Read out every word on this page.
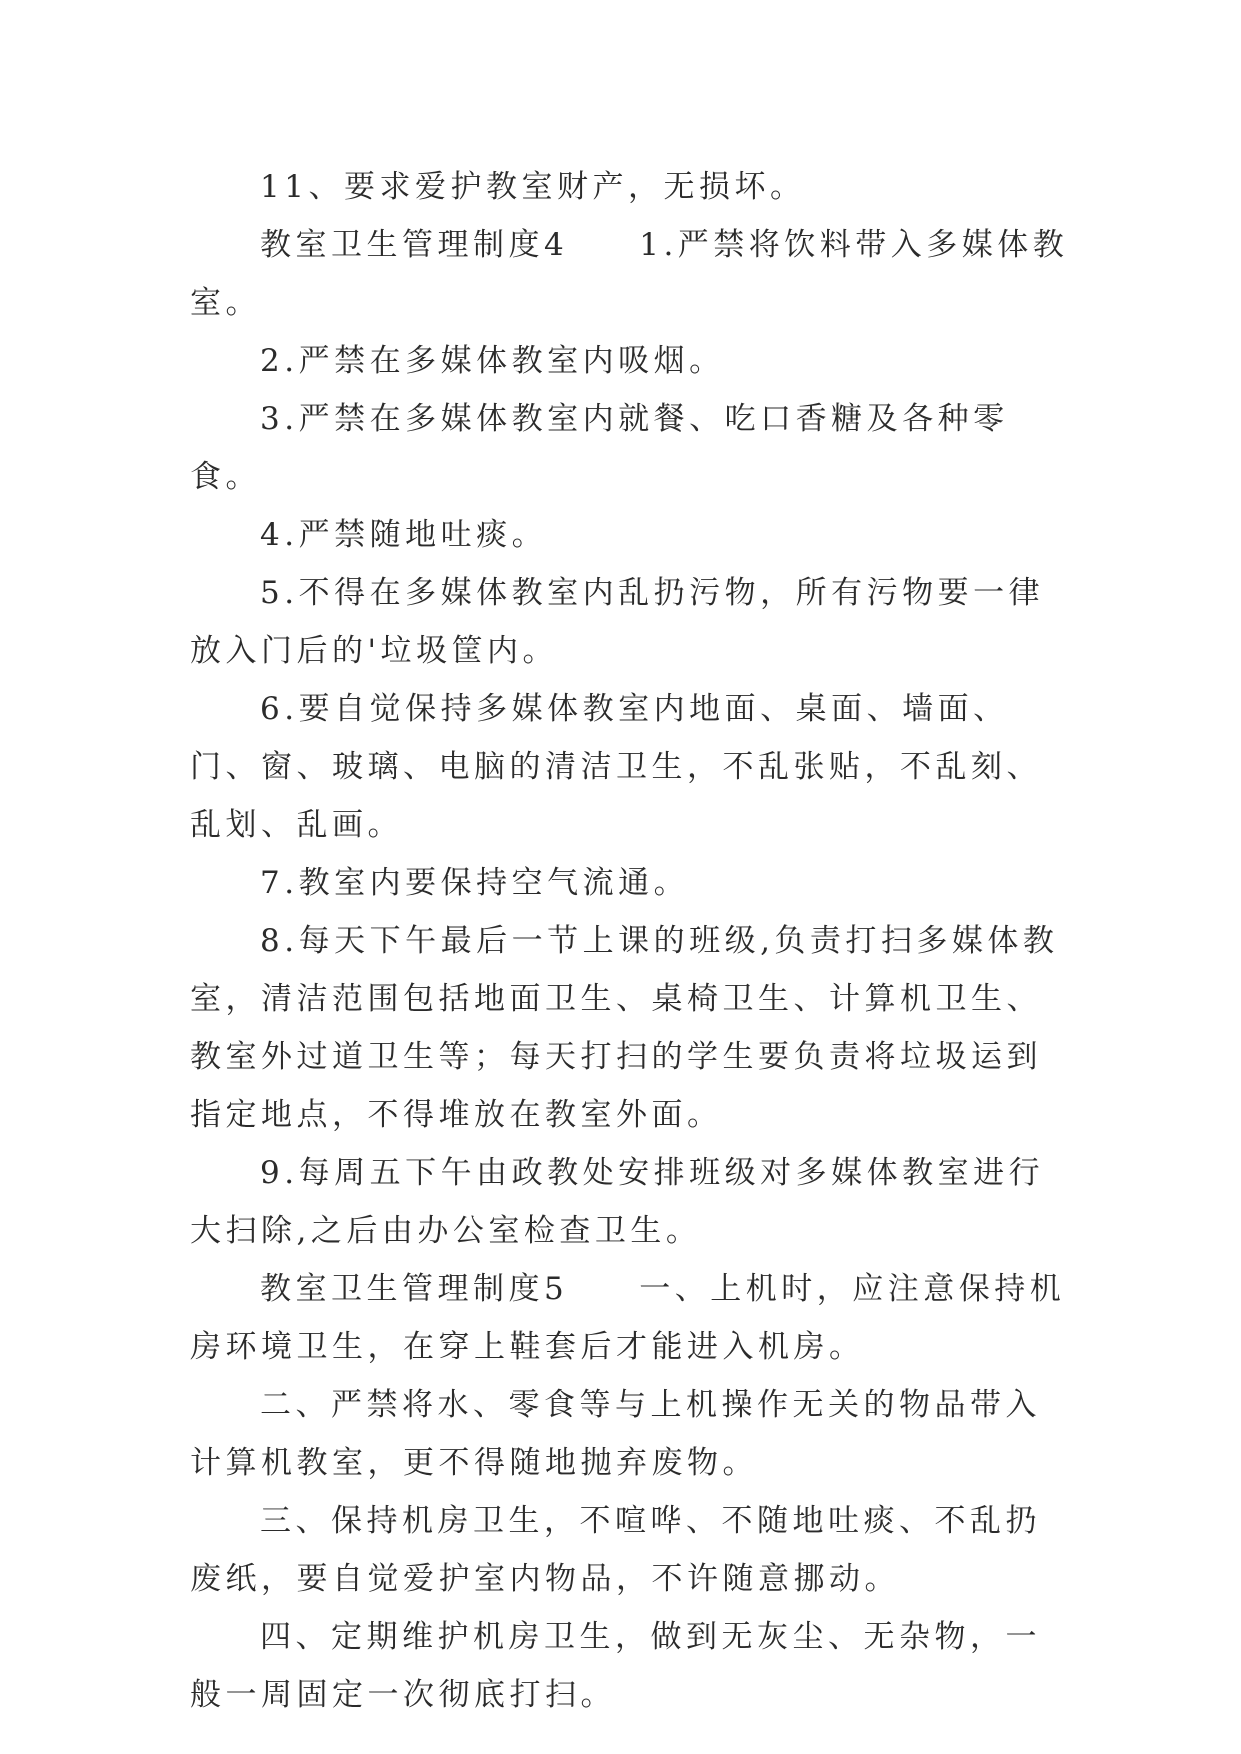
11、要求爱护教室财产，无损坏。

教室卫生管理制度4　　1.严禁将饮料带入多媒体教室。

2.严禁在多媒体教室内吸烟。

3.严禁在多媒体教室内就餐、吃口香糖及各种零食。

4.严禁随地吐痰。

5.不得在多媒体教室内乱扔污物，所有污物要一律放入门后的'垃圾筐内。

6.要自觉保持多媒体教室内地面、桌面、墙面、门、窗、玻璃、电脑的清洁卫生，不乱张贴，不乱刻、乱划、乱画。

7.教室内要保持空气流通。

8.每天下午最后一节上课的班级,负责打扫多媒体教室，清洁范围包括地面卫生、桌椅卫生、计算机卫生、教室外过道卫生等；每天打扫的学生要负责将垃圾运到指定地点，不得堆放在教室外面。

9.每周五下午由政教处安排班级对多媒体教室进行大扫除,之后由办公室检查卫生。

教室卫生管理制度5　　一、上机时，应注意保持机房环境卫生，在穿上鞋套后才能进入机房。

二、严禁将水、零食等与上机操作无关的物品带入计算机教室，更不得随地抛弃废物。

三、保持机房卫生，不喧哗、不随地吐痰、不乱扔废纸，要自觉爱护室内物品，不许随意挪动。

四、定期维护机房卫生，做到无灰尘、无杂物，一般一周固定一次彻底打扫。
